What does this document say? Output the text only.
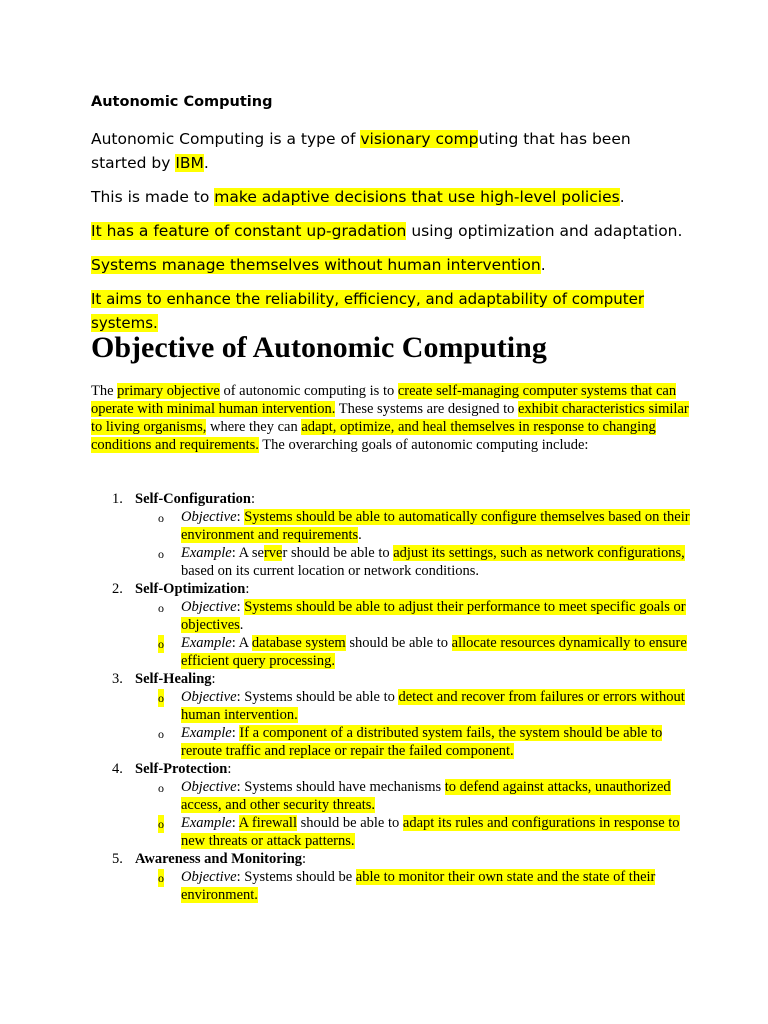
Autonomic Computing

Autonomic Computing is a type of visionary computing that has been started by IBM.

This is made to make adaptive decisions that use high-level policies.

It has a feature of constant up-gradation using optimization and adaptation.

Systems manage themselves without human intervention.

It aims to enhance the reliability, efficiency, and adaptability of computer systems.

Objective of Autonomic Computing

The primary objective of autonomic computing is to create self-managing computer systems that can operate with minimal human intervention. These systems are designed to exhibit characteristics similar to living organisms, where they can adapt, optimize, and heal themselves in response to changing conditions and requirements. The overarching goals of autonomic computing include:

1. Self-Configuration:
o Objective: Systems should be able to automatically configure themselves based on their environment and requirements.
o Example: A server should be able to adjust its settings, such as network configurations, based on its current location or network conditions.
2. Self-Optimization:
o Objective: Systems should be able to adjust their performance to meet specific goals or objectives.
o Example: A database system should be able to allocate resources dynamically to ensure efficient query processing.
3. Self-Healing:
o Objective: Systems should be able to detect and recover from failures or errors without human intervention.
o Example: If a component of a distributed system fails, the system should be able to reroute traffic and replace or repair the failed component.
4. Self-Protection:
o Objective: Systems should have mechanisms to defend against attacks, unauthorized access, and other security threats.
o Example: A firewall should be able to adapt its rules and configurations in response to new threats or attack patterns.
5. Awareness and Monitoring:
o Objective: Systems should be able to monitor their own state and the state of their environment.
